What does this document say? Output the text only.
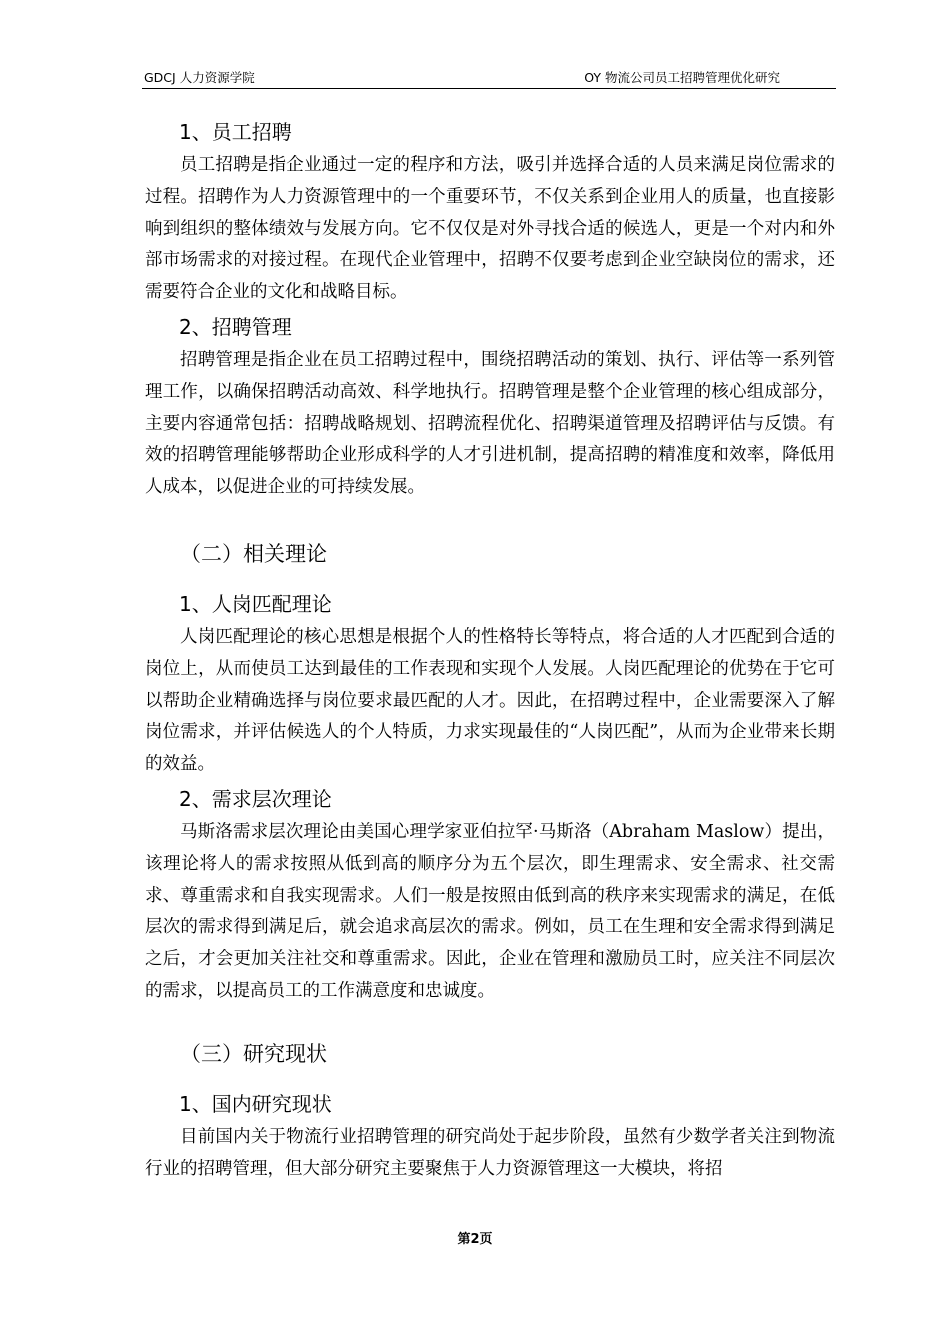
GDCJ 人力资源学院	OY 物流公司员工招聘管理优化研究

1、员工招聘

员工招聘是指企业通过一定的程序和方法，吸引并选择合适的人员来满足岗位需求的过程。招聘作为人力资源管理中的一个重要环节，不仅关系到企业用人的质量，也直接影响到组织的整体绩效与发展方向。它不仅仅是对外寻找合适的候选人，更是一个对内和外部市场需求的对接过程。在现代企业管理中，招聘不仅要考虑到企业空缺岗位的需求，还需要符合企业的文化和战略目标。

2、招聘管理

招聘管理是指企业在员工招聘过程中，围绕招聘活动的策划、执行、评估等一系列管理工作，以确保招聘活动高效、科学地执行。招聘管理是整个企业管理的核心组成部分，主要内容通常包括：招聘战略规划、招聘流程优化、招聘渠道管理及招聘评估与反馈。有效的招聘管理能够帮助企业形成科学的人才引进机制，提高招聘的精准度和效率，降低用人成本，以促进企业的可持续发展。

（二）相关理论

1、人岗匹配理论

人岗匹配理论的核心思想是根据个人的性格特长等特点，将合适的人才匹配到合适的岗位上，从而使员工达到最佳的工作表现和实现个人发展。人岗匹配理论的优势在于它可以帮助企业精确选择与岗位要求最匹配的人才。因此，在招聘过程中，企业需要深入了解岗位需求，并评估候选人的个人特质，力求实现最佳的“人岗匹配”，从而为企业带来长期的效益。

2、需求层次理论

马斯洛需求层次理论由美国心理学家亚伯拉罕·马斯洛（Abraham Maslow）提出，该理论将人的需求按照从低到高的顺序分为五个层次，即生理需求、安全需求、社交需求、尊重需求和自我实现需求。人们一般是按照由低到高的秩序来实现需求的满足，在低层次的需求得到满足后，就会追求高层次的需求。例如，员工在生理和安全需求得到满足之后，才会更加关注社交和尊重需求。因此，企业在管理和激励员工时，应关注不同层次的需求，以提高员工的工作满意度和忠诚度。

（三）研究现状

1、国内研究现状

目前国内关于物流行业招聘管理的研究尚处于起步阶段，虽然有少数学者关注到物流行业的招聘管理，但大部分研究主要聚焦于人力资源管理这一大模块，将招

第2页
